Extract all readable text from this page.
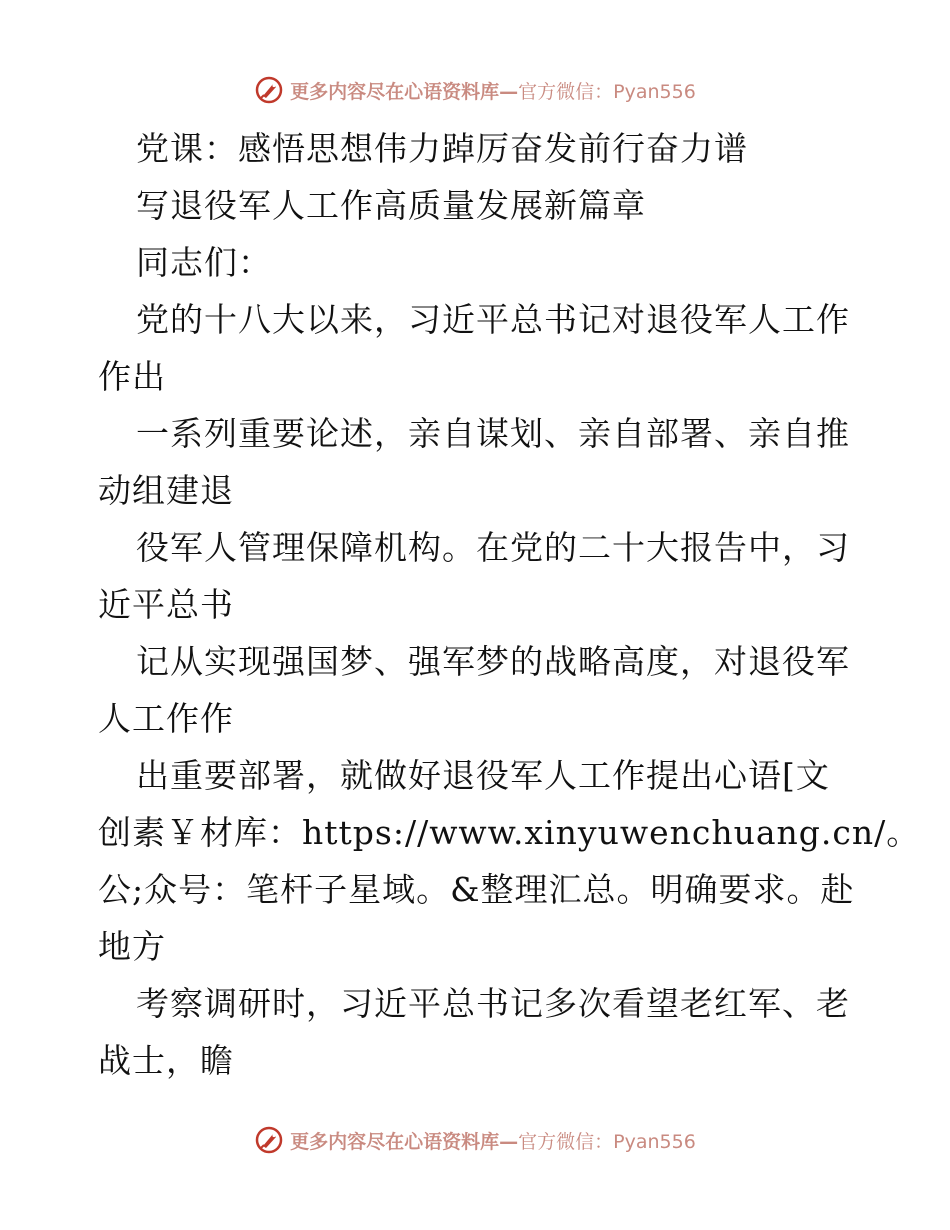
更多内容尽在心语资料库—官方微信：Pyan556
党课：感悟思想伟力踔厉奋发前行奋力谱
写退役军人工作高质量发展新篇章
同志们：
党的十八大以来，习近平总书记对退役军人工作
作出
一系列重要论述，亲自谋划、亲自部署、亲自推
动组建退
役军人管理保障机构。在党的二十大报告中，习
近平总书
记从实现强国梦、强军梦的战略高度，对退役军
人工作作
出重要部署，就做好退役军人工作提出心语[文
创素￥材库：https://www.xinyuwenchuang.cn/。
公;众号：笔杆子星域。&整理汇总。明确要求。赴
地方
考察调研时，习近平总书记多次看望老红军、老
战士，瞻
更多内容尽在心语资料库—官方微信：Pyan556
